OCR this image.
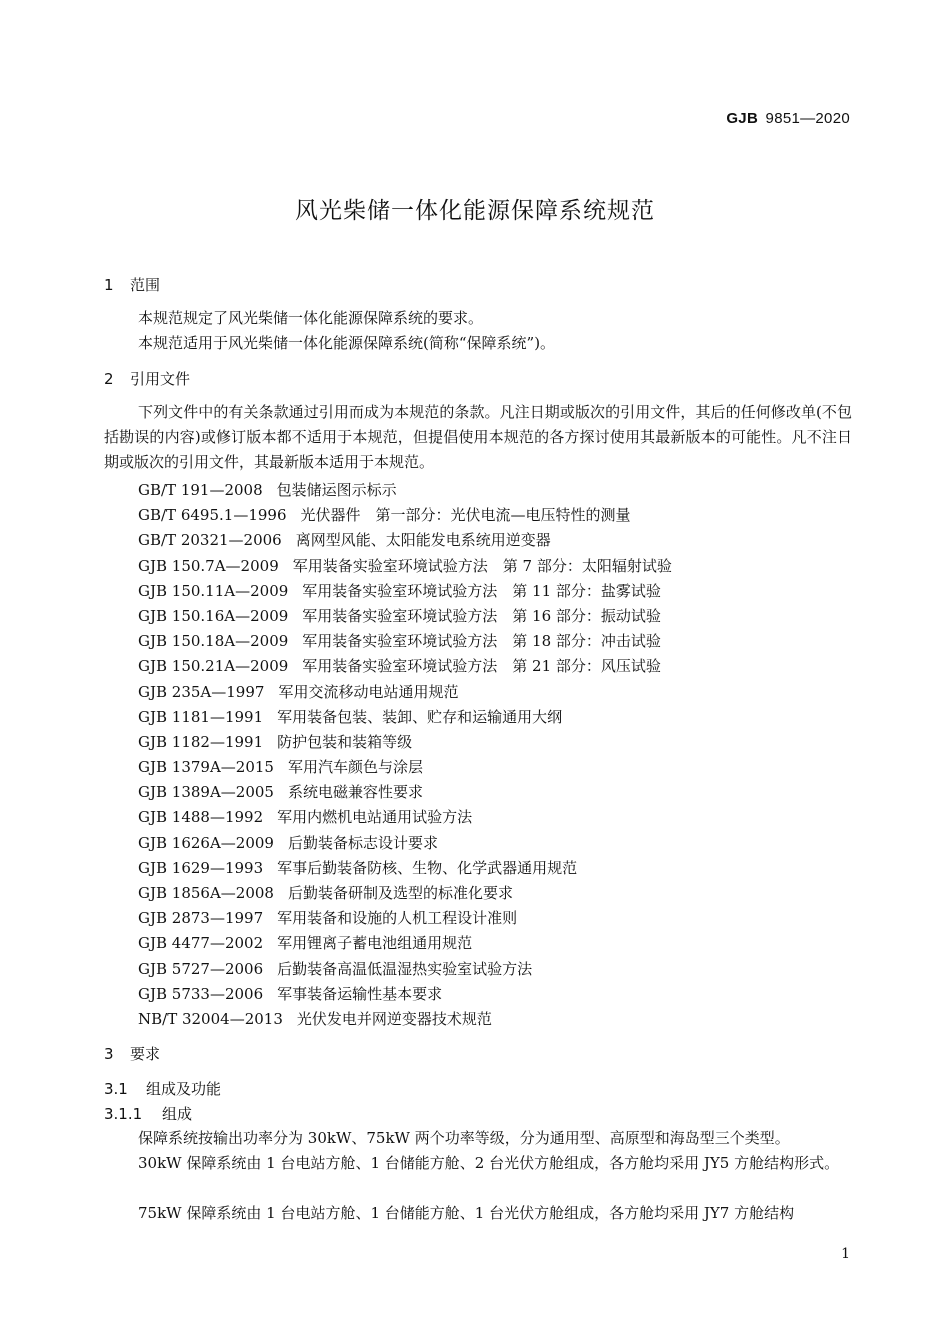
GJB 9851—2020
风光柴储一体化能源保障系统规范
1 范围
本规范规定了风光柴储一体化能源保障系统的要求。
本规范适用于风光柴储一体化能源保障系统(简称“保障系统”)。
2 引用文件
下列文件中的有关条款通过引用而成为本规范的条款。凡注日期或版次的引用文件，其后的任何修改单(不包括勘误的内容)或修订版本都不适用于本规范，但提倡使用本规范的各方探讨使用其最新版本的可能性。凡不注日期或版次的引用文件，其最新版本适用于本规范。
GB/T 191—2008 包装储运图示标示
GB/T 6495.1—1996 光伏器件　第一部分：光伏电流—电压特性的测量
GB/T 20321—2006 离网型风能、太阳能发电系统用逆变器
GJB 150.7A—2009 军用装备实验室环境试验方法　第 7 部分：太阳辐射试验
GJB 150.11A—2009 军用装备实验室环境试验方法　第 11 部分：盐雾试验
GJB 150.16A—2009 军用装备实验室环境试验方法　第 16 部分：振动试验
GJB 150.18A—2009 军用装备实验室环境试验方法　第 18 部分：冲击试验
GJB 150.21A—2009 军用装备实验室环境试验方法　第 21 部分：风压试验
GJB 235A—1997 军用交流移动电站通用规范
GJB 1181—1991 军用装备包装、装卸、贮存和运输通用大纲
GJB 1182—1991 防护包装和装箱等级
GJB 1379A—2015 军用汽车颜色与涂层
GJB 1389A—2005 系统电磁兼容性要求
GJB 1488—1992 军用内燃机电站通用试验方法
GJB 1626A—2009 后勤装备标志设计要求
GJB 1629—1993 军事后勤装备防核、生物、化学武器通用规范
GJB 1856A—2008 后勤装备研制及选型的标准化要求
GJB 2873—1997 军用装备和设施的人机工程设计准则
GJB 4477—2002 军用锂离子蓄电池组通用规范
GJB 5727—2006 后勤装备高温低温湿热实验室试验方法
GJB 5733—2006 军事装备运输性基本要求
NB/T 32004—2013 光伏发电并网逆变器技术规范
3 要求
3.1 组成及功能
3.1.1 组成
保障系统按输出功率分为 30kW、75kW 两个功率等级，分为通用型、高原型和海岛型三个类型。
30kW 保障系统由 1 台电站方舱、1 台储能方舱、2 台光伏方舱组成，各方舱均采用 JY5 方舱结构形式。
75kW 保障系统由 1 台电站方舱、1 台储能方舱、1 台光伏方舱组成，各方舱均采用 JY7 方舱结构
1
